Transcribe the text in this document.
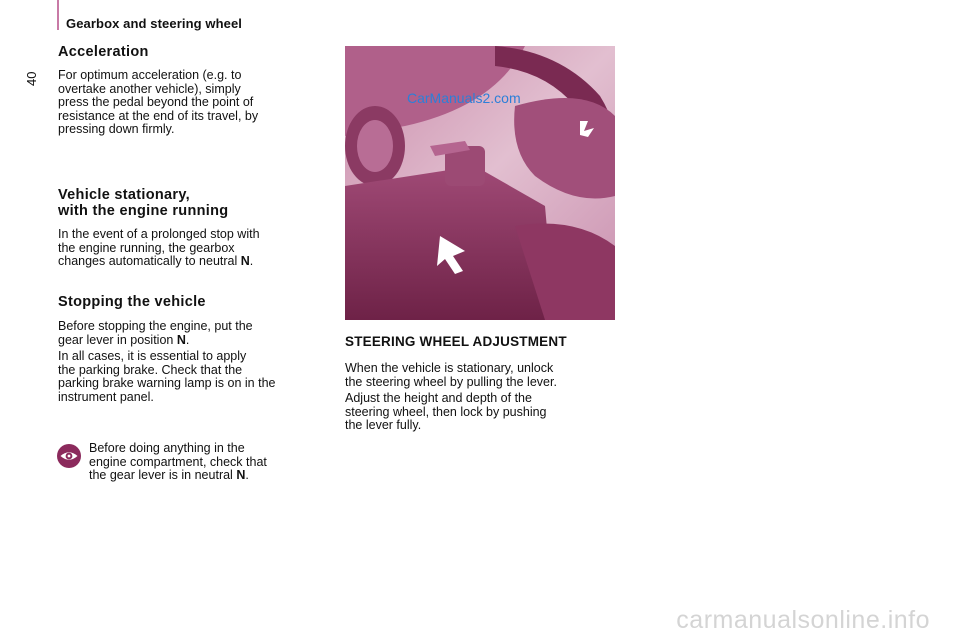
Gearbox and steering wheel
40
Acceleration

For optimum acceleration (e.g. to
overtake another vehicle), simply
press the pedal beyond the point of
resistance at the end of its travel, by
pressing down firmly.

Vehicle stationary,
with the engine running

In the event of a prolonged stop with
the engine running, the gearbox
changes automatically to neutral N.

Stopping the vehicle

Before stopping the engine, put the
gear lever in position N.

In all cases, it is essential to apply
the parking brake. Check that the
parking brake warning lamp is on in the
instrument panel.

Before doing anything in the
engine compartment, check that
the gear lever is in neutral N.

CarManuals2.com
STEERING WHEEL ADJUSTMENT

When the vehicle is stationary, unlock
the steering wheel by pulling the lever.

Adjust the height and depth of the
steering wheel, then lock by pushing
the lever fully.

carmanualsonline.info
